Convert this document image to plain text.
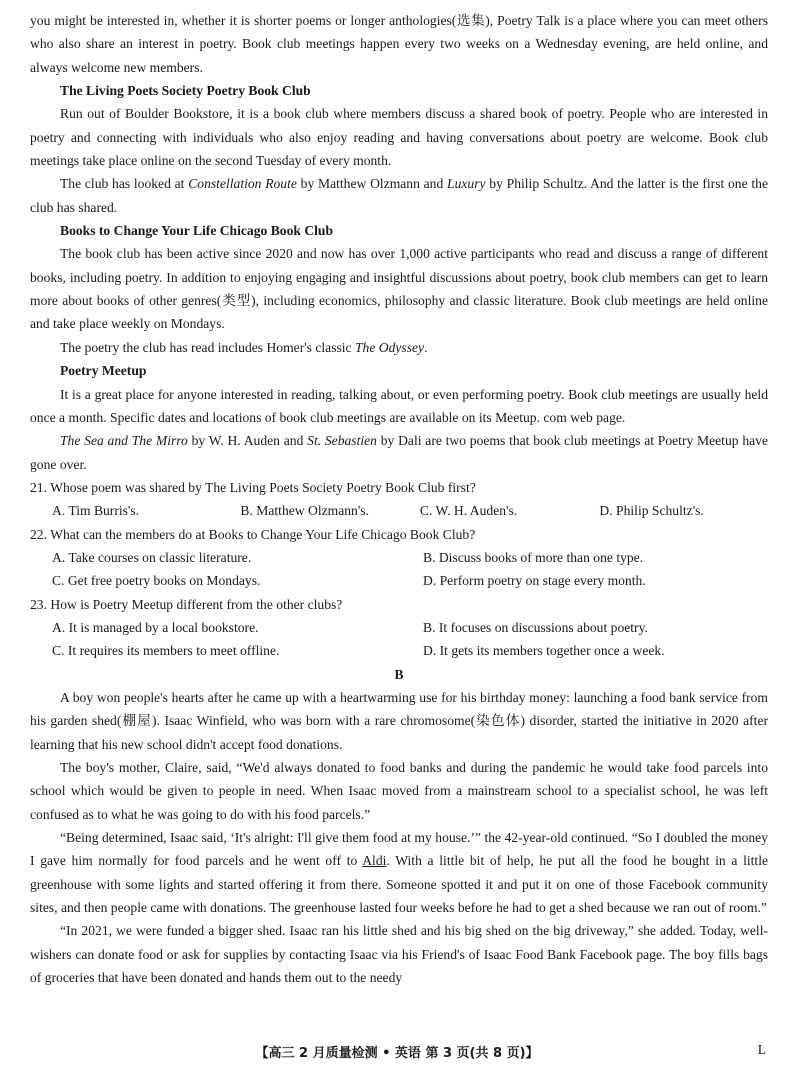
you might be interested in, whether it is shorter poems or longer anthologies(选集), Poetry Talk is a place where you can meet others who also share an interest in poetry. Book club meetings happen every two weeks on a Wednesday evening, are held online, and always welcome new members.

The Living Poets Society Poetry Book Club

Run out of Boulder Bookstore, it is a book club where members discuss a shared book of poetry. People who are interested in poetry and connecting with individuals who also enjoy reading and having conversations about poetry are welcome. Book club meetings take place online on the second Tuesday of every month.

The club has looked at Constellation Route by Matthew Olzmann and Luxury by Philip Schultz. And the latter is the first one the club has shared.

Books to Change Your Life Chicago Book Club

The book club has been active since 2020 and now has over 1,000 active participants who read and discuss a range of different books, including poetry. In addition to enjoying engaging and insightful discussions about poetry, book club members can get to learn more about books of other genres(类型), including economics, philosophy and classic literature. Book club meetings are held online and take place weekly on Mondays.

The poetry the club has read includes Homer's classic The Odyssey.

Poetry Meetup

It is a great place for anyone interested in reading, talking about, or even performing poetry. Book club meetings are usually held once a month. Specific dates and locations of book club meetings are available on its Meetup. com web page.

The Sea and The Mirro by W. H. Auden and St. Sebastien by Dali are two poems that book club meetings at Poetry Meetup have gone over.

21. Whose poem was shared by The Living Poets Society Poetry Book Club first?

A. Tim Burris's.	B. Matthew Olzmann's.	C. W. H. Auden's.	D. Philip Schultz's.

22. What can the members do at Books to Change Your Life Chicago Book Club?

A. Take courses on classic literature.	B. Discuss books of more than one type.
C. Get free poetry books on Mondays.	D. Perform poetry on stage every month.

23. How is Poetry Meetup different from the other clubs?

A. It is managed by a local bookstore.	B. It focuses on discussions about poetry.
C. It requires its members to meet offline.	D. It gets its members together once a week.

B

A boy won people's hearts after he came up with a heartwarming use for his birthday money: launching a food bank service from his garden shed(棚屋). Isaac Winfield, who was born with a rare chromosome(染色体) disorder, started the initiative in 2020 after learning that his new school didn't accept food donations.

The boy's mother, Claire, said, “We'd always donated to food banks and during the pandemic he would take food parcels into school which would be given to people in need. When Isaac moved from a mainstream school to a specialist school, he was left confused as to what he was going to do with his food parcels.”

“Being determined, Isaac said, ‘It's alright: I'll give them food at my house.’” the 42-year-old continued. “So I doubled the money I gave him normally for food parcels and he went off to Aldi. With a little bit of help, he put all the food he bought in a little greenhouse with some lights and started offering it from there. Someone spotted it and put it on one of those Facebook community sites, and then people came with donations. The greenhouse lasted four weeks before he had to get a shed because we ran out of room.”

“In 2021, we were funded a bigger shed. Isaac ran his little shed and his big shed on the big driveway,” she added. Today, well-wishers can donate food or ask for supplies by contacting Isaac via his Friend's of Isaac Food Bank Facebook page. The boy fills bags of groceries that have been donated and hands them out to the needy

【高三 2 月质量检测 • 英语 第 3 页(共 8 页)】	L
